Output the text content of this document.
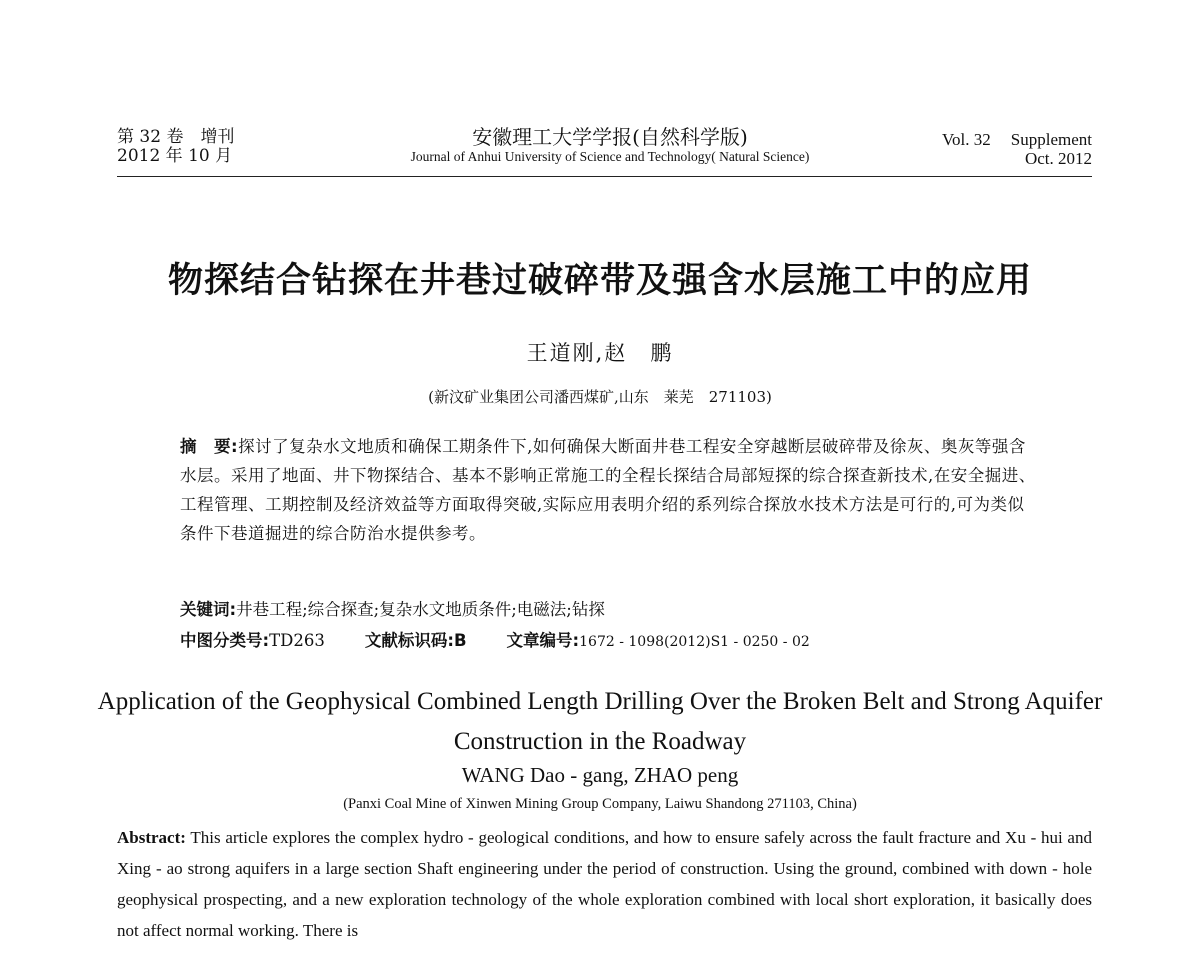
第 32 卷　增刊
2012 年 10 月
安徽理工大学学报(自然科学版)
Journal of Anhui University of Science and Technology( Natural Science)
Vol. 32 Supplement
Oct. 2012
物探结合钻探在井巷过破碎带及强含水层施工中的应用
王道刚,赵　鹏
(新汶矿业集团公司潘西煤矿,山东　莱芜　271103)
摘　要:探讨了复杂水文地质和确保工期条件下,如何确保大断面井巷工程安全穿越断层破碎带及徐灰、奥灰等强含水层。采用了地面、井下物探结合、基本不影响正常施工的全程长探结合局部短探的综合探查新技术,在安全掘进、工程管理、工期控制及经济效益等方面取得突破,实际应用表明介绍的系列综合探放水技术方法是可行的,可为类似条件下巷道掘进的综合防治水提供参考。
关键词:井巷工程;综合探查;复杂水文地质条件;电磁法;钻探
中图分类号:TD263 文献标识码:B 文章编号:1672 - 1098(2012)S1 - 0250 - 02
Application of the Geophysical Combined Length Drilling Over the Broken Belt and Strong Aquifer Construction in the Roadway
WANG Dao - gang, ZHAO peng
(Panxi Coal Mine of Xinwen Mining Group Company, Laiwu Shandong 271103, China)
Abstract: This article explores the complex hydro - geological conditions, and how to ensure safely across the fault fracture and Xu - hui and Xing - ao strong aquifers in a large section Shaft engineering under the period of construction. Using the ground, combined with down - hole geophysical prospecting, and a new exploration technology of the whole exploration combined with local short exploration, it basically does not affect normal working. There is
